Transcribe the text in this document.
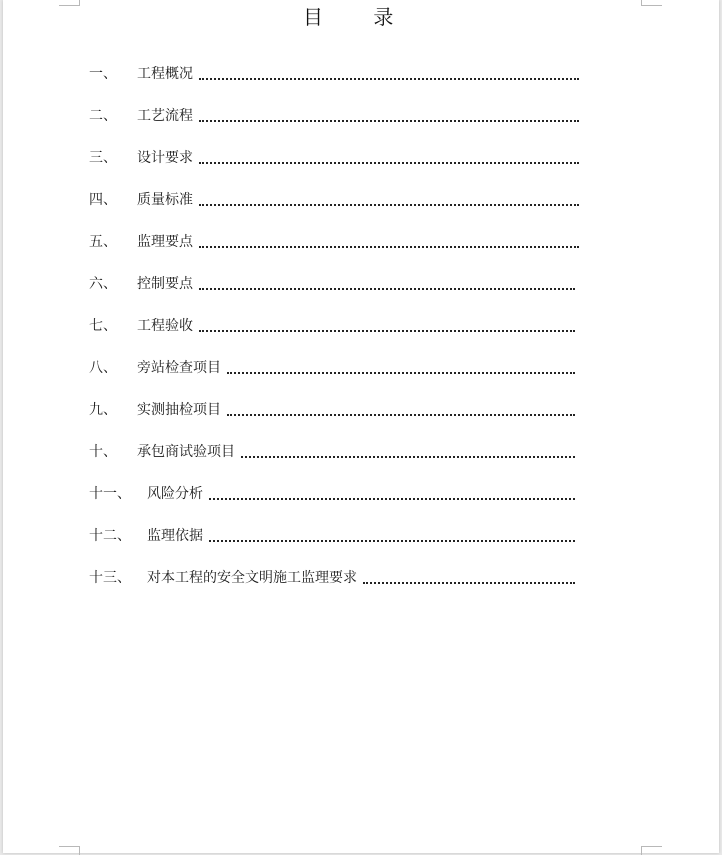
目 录
一、	工程概况
二、	工艺流程
三、	设计要求
四、	质量标准
五、	监理要点
六、	控制要点
七、	工程验收
八、	旁站检查项目
九、	实测抽检项目
十、	承包商试验项目
十一、	风险分析
十二、	监理依据
十三、	对本工程的安全文明施工监理要求
